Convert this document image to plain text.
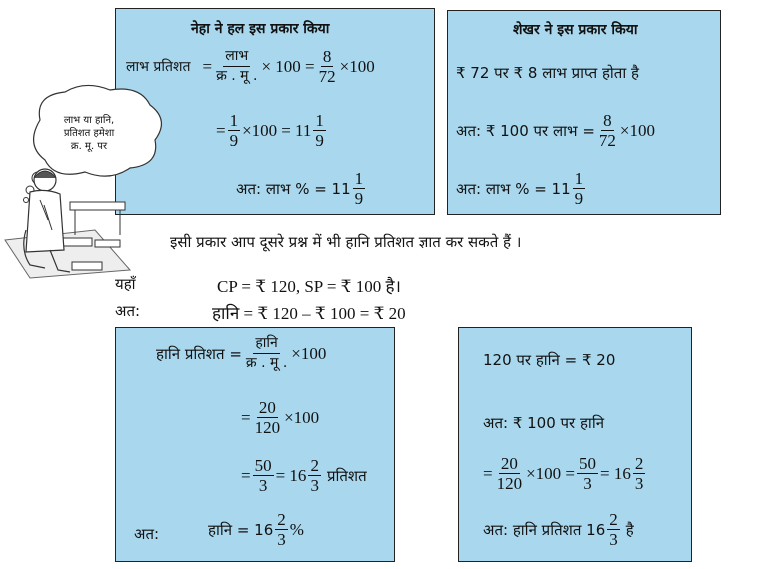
नेहा ने हल इस प्रकार किया
लाभ प्रतिशत = $\frac{\text{लाभ}}{\text{क्र . मू .}} \times 100 = \frac{8}{72} \times 100$
= $\frac{1}{9} \times 100 = 11 \frac{1}{9}$
अत: लाभ % = $11 \frac{1}{9}$
शेखर ने इस प्रकार किया
₹ 72 पर ₹ 8 लाभ प्राप्त होता है
अत: ₹ 100 पर लाभ = $\frac{8}{72} \times 100$
अत: लाभ % = $11 \frac{1}{9}$
लाभ या हानि,
प्रतिशत हमेशा
क्र. मू. पर
इसी प्रकार आप दूसरे प्रश्न में भी हानि प्रतिशत ज्ञात कर सकते हैं ।
यहाँ	CP = ₹ 120, SP = ₹ 100 है।
अत:	हानि = ₹ 120 – ₹ 100 = ₹ 20
हानि प्रतिशत = $\frac{\text{हानि}}{\text{क्र . मू .}} \times 100$
= $\frac{20}{120} \times 100$
= $\frac{50}{3} = 16 \frac{2}{3}$ प्रतिशत
अत:	हानि = $16 \frac{2}{3}$ %
120 पर हानि = ₹ 20
अत: ₹ 100 पर हानि
= $\frac{20}{120} \times 100 = \frac{50}{3} = 16 \frac{2}{3}$
अत: हानि प्रतिशत $16 \frac{2}{3}$ है
